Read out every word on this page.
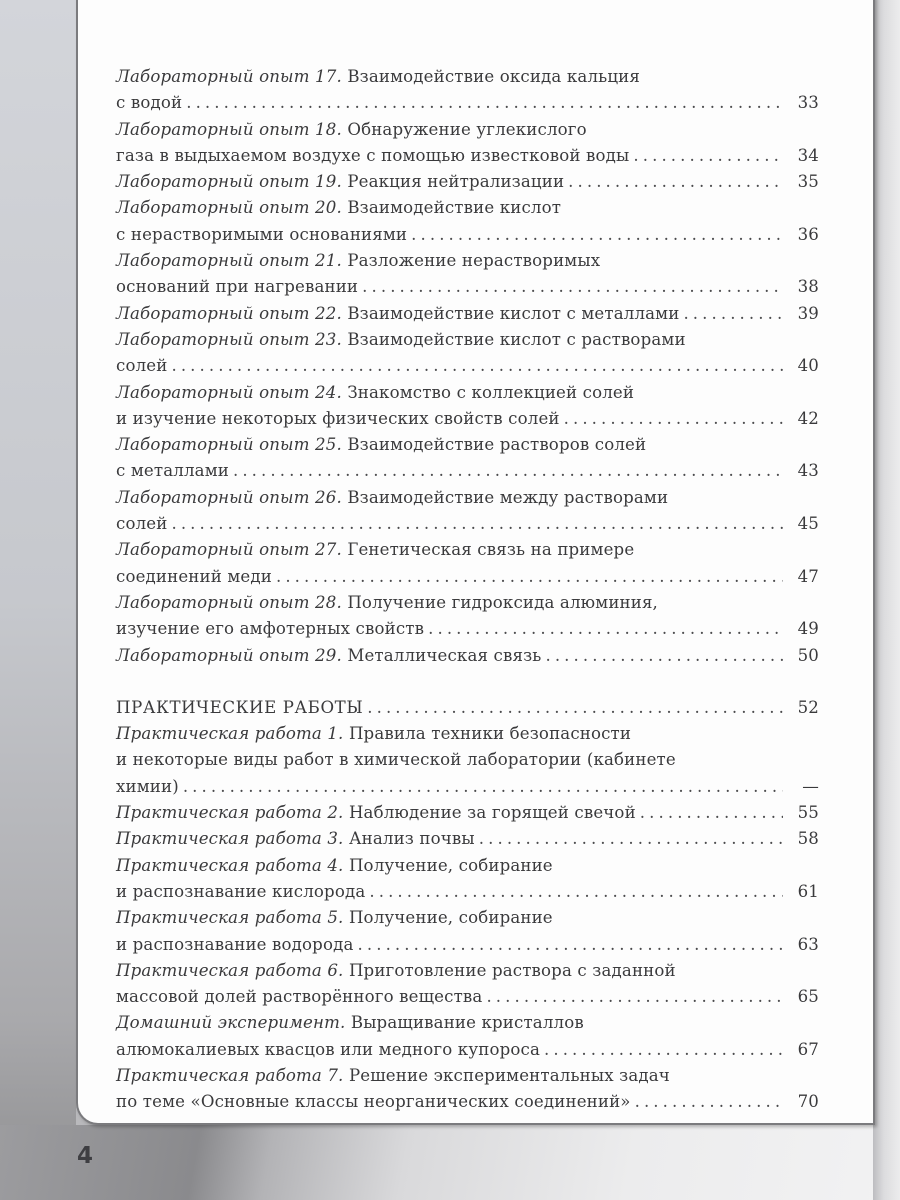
Лабораторный опыт 17. Взаимодействие оксида кальция
с водой . . .	33
Лабораторный опыт 18. Обнаружение углекислого
газа в выдыхаемом воздухе с помощью известковой воды . . .	34
Лабораторный опыт 19. Реакция нейтрализации . . .	35
Лабораторный опыт 20. Взаимодействие кислот
с нерастворимыми основаниями . . .	36
Лабораторный опыт 21. Разложение нерастворимых
оснований при нагревании . . .	38
Лабораторный опыт 22. Взаимодействие кислот с металлами . . .	39
Лабораторный опыт 23. Взаимодействие кислот с растворами
солей . . .	40
Лабораторный опыт 24. Знакомство с коллекцией солей
и изучение некоторых физических свойств солей . . .	42
Лабораторный опыт 25. Взаимодействие растворов солей
с металлами . . .	43
Лабораторный опыт 26. Взаимодействие между растворами
солей . . .	45
Лабораторный опыт 27. Генетическая связь на примере
соединений меди . . .	47
Лабораторный опыт 28. Получение гидроксида алюминия,
изучение его амфотерных свойств . . .	49
Лабораторный опыт 29. Металлическая связь . . .	50
ПРАКТИЧЕСКИЕ РАБОТЫ . . .	52
Практическая работа 1. Правила техники безопасности
и некоторые виды работ в химической лаборатории (кабинете
химии) . . .	—
Практическая работа 2. Наблюдение за горящей свечой . . .	55
Практическая работа 3. Анализ почвы . . .	58
Практическая работа 4. Получение, собирание
и распознавание кислорода . . .	61
Практическая работа 5. Получение, собирание
и распознавание водорода . . .	63
Практическая работа 6. Приготовление раствора с заданной
массовой долей растворённого вещества . . .	65
Домашний эксперимент. Выращивание кристаллов
алюмокалиевых квасцов или медного купороса . . .	67
Практическая работа 7. Решение экспериментальных задач
по теме «Основные классы неорганических соединений» . . .	70
4
